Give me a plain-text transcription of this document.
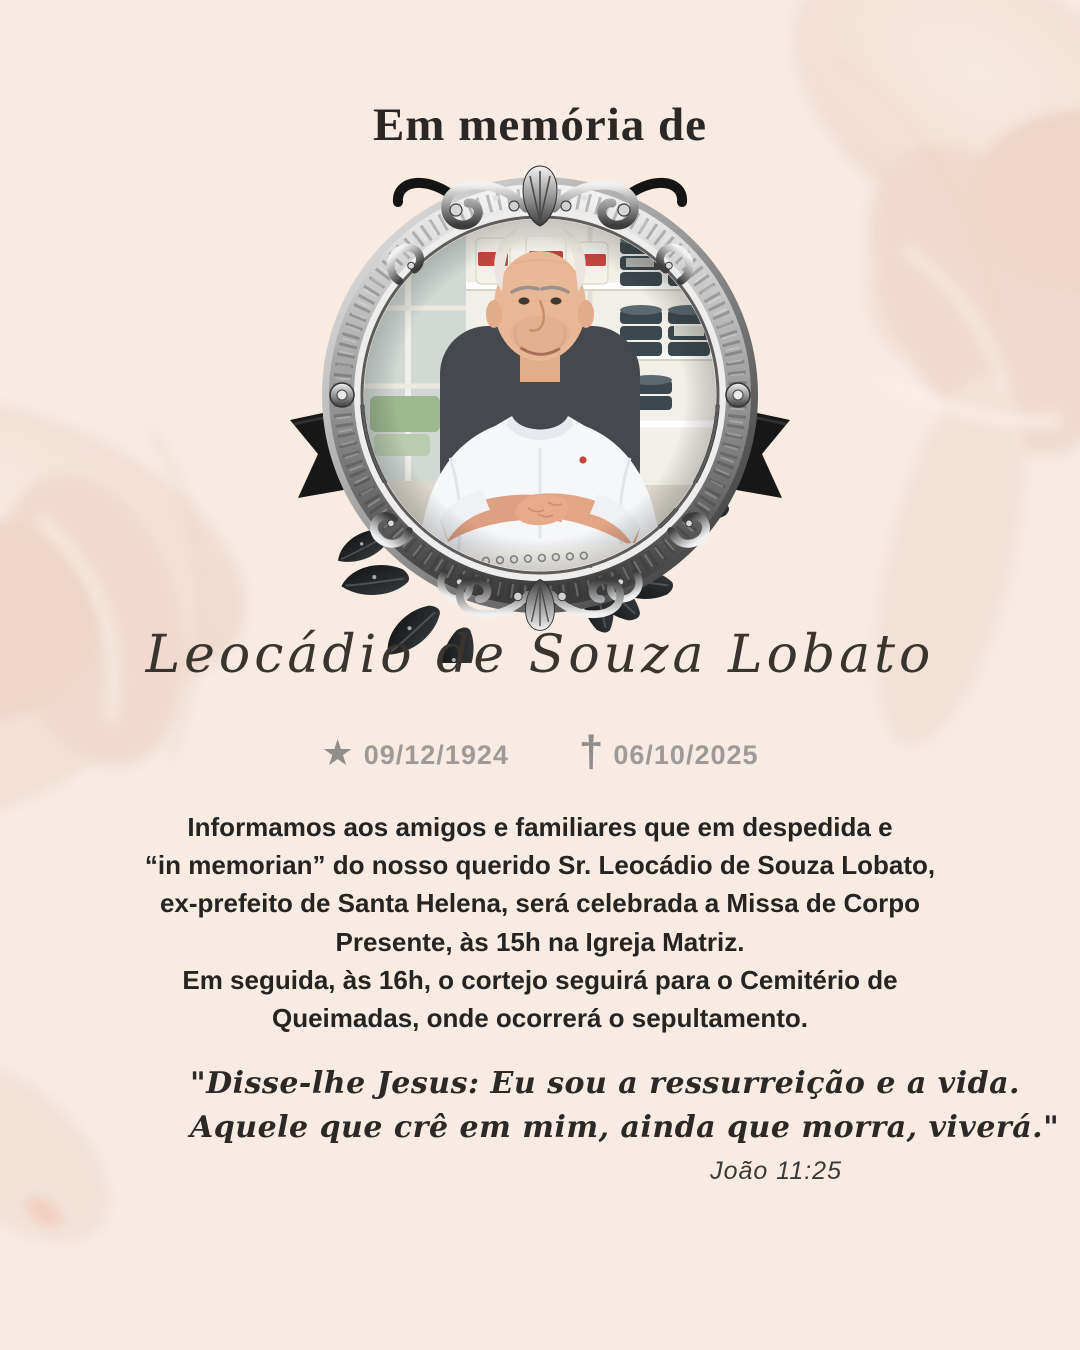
Em memória de
Leocádio de Souza Lobato
★ 09/12/1924 † 06/10/2025
Informamos aos amigos e familiares que em despedida e
“in memorian” do nosso querido Sr. Leocádio de Souza Lobato,
ex-prefeito de Santa Helena, será celebrada a Missa de Corpo
Presente, às 15h na Igreja Matriz.
Em seguida, às 16h, o cortejo seguirá para o Cemitério de
Queimadas, onde ocorrerá o sepultamento.
"Disse-lhe Jesus: Eu sou a ressurreição e a vida.
Aquele que crê em mim, ainda que morra, viverá."
João 11:25
